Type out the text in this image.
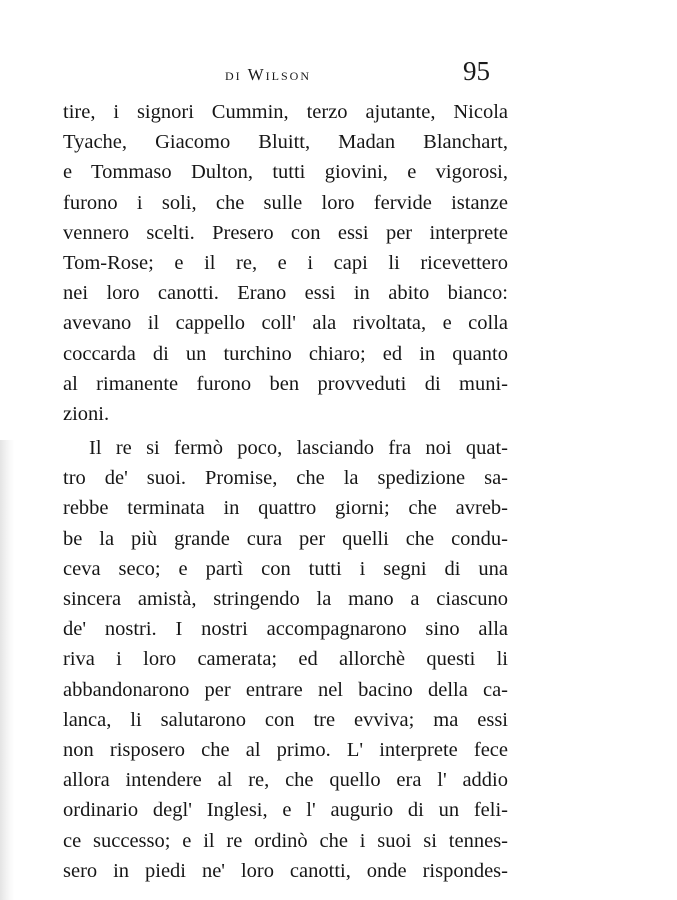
di Wilson	95
tire, i signori Cummin, terzo ajutante, Nicola
Tyache, Giacomo Bluitt, Madan Blanchart,
e Tommaso Dulton, tutti giovini, e vigorosi,
furono i soli, che sulle loro fervide istanze
vennero scelti. Presero con essi per interprete
Tom-Rose; e il re, e i capi li ricevettero
nei loro canotti. Erano essi in abito bianco:
avevano il cappello coll' ala rivoltata, e colla
coccarda di un turchino chiaro; ed in quanto
al rimanente furono ben provveduti di muni-
zioni.
Il re si fermò poco, lasciando fra noi quat-
tro de' suoi. Promise, che la spedizione sa-
rebbe terminata in quattro giorni; che avreb-
be la più grande cura per quelli che condu-
ceva seco; e partì con tutti i segni di una
sincera amistà, stringendo la mano a ciascuno
de' nostri. I nostri accompagnarono sino alla
riva i loro camerata; ed allorchè questi li
abbandonarono per entrare nel bacino della ca-
lanca, li salutarono con tre evviva; ma essi
non risposero che al primo. L' interprete fece
allora intendere al re, che quello era l' addio
ordinario degl' Inglesi, e l' augurio di un feli-
ce successo; e il re ordinò che i suoi si tennes-
sero in piedi ne' loro canotti, onde rispondes-
